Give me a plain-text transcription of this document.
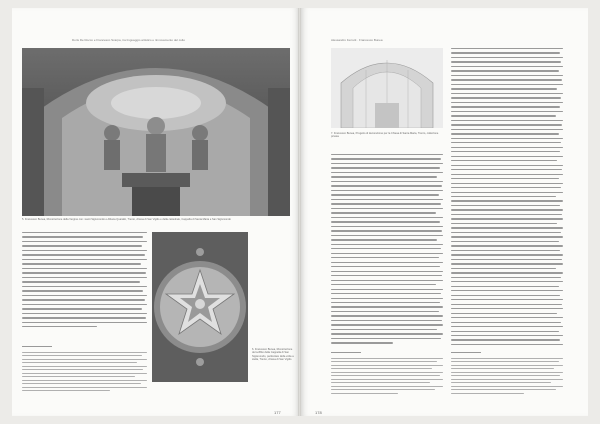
Doris De Rocco e Francesco Scarpa, tra linguaggio artistico e rinnovamento del culto
5. Francesco Bunea, Ricostruzione della Vergine con i santi Sigismondo e Albana Quarallo, Trento, chiesa di San Vigilio e della cattedrale, Cappella di Santa Maria e San Sigismondo
6. Francesco Bunea, Ricostruzione del soffitto della Cappella di San Sigismondo, particolare della volta a stella, Trento, chiesa di San Vigilio
177
Alessandro Ferretti · Francesco Bunea
7. Francesco Bunea, Progetto di decorazione per la Chiesa di Santa Maria, Trento, collezione privata
178
